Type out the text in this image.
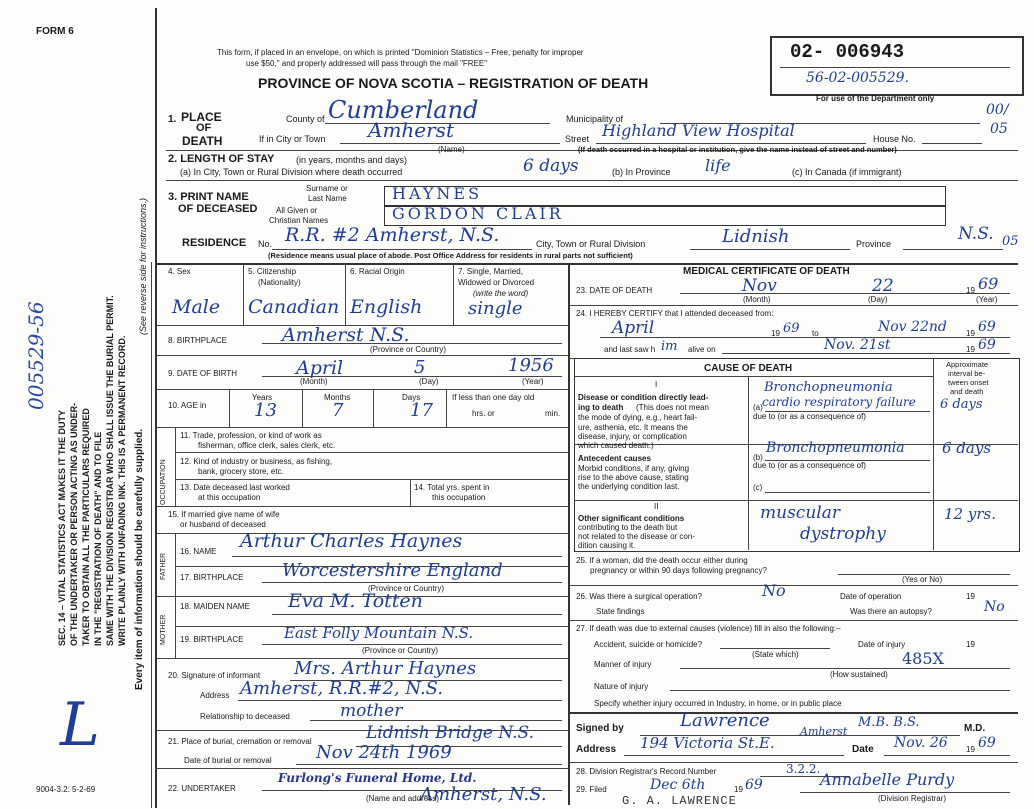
FORM 6
005529-56
SEC. 14 – VITAL STATISTICS ACT MAKES IT THE DUTY OF THE UNDERTAKER OR PERSON ACTING AS UNDER- TAKER TO OBTAIN ALL THE PARTICULARS REQUIRED IN THE "REGISTRATION OF DEATH" AND TO FILE SAME WITH THE DIVISION REGISTRAR WHO SHALL ISSUE THE BURIAL PERMIT. WRITE PLAINLY WITH UNFADING INK. THIS IS A PERMANENT RECORD. Every item of information should be carefully supplied.
(See reverse side for instructions.)
L
9004-3.2: 5-2-69
OCCUPATION
FATHER
MOTHER
This form, if placed in an envelope, on which is printed "Dominion Statistics – Free, penalty for improper
use $50," and properly addressed will pass through the mail "FREE"
PROVINCE OF NOVA SCOTIA – REGISTRATION OF DEATH
02- 006943
56-02-005529.
For use of the Department only
00/
05
05
1. PLACE
OF
DEATH
County of Cumberland	Municipality of
If in City or Town Amherst
(Name)
Street Highland View Hospital	House No.
(If death occurred in a hospital or institution, give the name instead of street and number)
2. LENGTH OF STAY (in years, months and days)
(a) In City, Town or Rural Division where death occurred	6 days	(b) In Province life	(c) In Canada (if immigrant)
3. PRINT NAME
OF DECEASED
Surname or
Last Name	HAYNES
All Given or
Christian Names	GORDON CLAIR
RESIDENCE No. R.R. #2 Amherst, N.S.	City, Town or Rural Division	Lidnish	Province	N.S.
(Residence means usual place of abode. Post Office Address for residents in rural parts not sufficient)
4. Sex
Male
5. Citizenship
(Nationality)
Canadian
6. Racial Origin
English
7. Single, Married,
Widowed or Divorced
(write the word)
single
8. BIRTHPLACE	Amherst N.S.
(Province or Country)
9. DATE OF BIRTH	April	5	1956
(Month)	(Day)	(Year)
10. AGE in
Years	Months	Days
13	7	17
If less than one day old
hrs. or	min.
11. Trade, profession, or kind of work as
fisherman, office clerk, sales clerk, etc.
12. Kind of industry or business, as fishing,
bank, grocery store, etc.
13. Date deceased last worked
at this occupation
14. Total yrs. spent in
this occupation
15. If married give name of wife
or husband of deceased
16. NAME Arthur Charles Haynes
17. BIRTHPLACE Worcestershire England
(Province or Country)
18. MAIDEN NAME Eva M. Totten
19. BIRTHPLACE	East Folly Mountain N.S.
(Province or Country)
20. Signature of informant Mrs. Arthur Haynes
Address Amherst, R.R.#2, N.S.
Relationship to deceased	mother
21. Place of burial, cremation or removal	Lidnish Bridge N.S.
Date of burial or removal Nov 24th 1969
22. UNDERTAKER
Furlong's Funeral Home, Ltd.
Amherst, N.S.
(Name and address)
MEDICAL CERTIFICATE OF DEATH
23. DATE OF DEATH	Nov	22	19 69
(Month)	(Day)	(Year)
24. I HEREBY CERTIFY that I attended deceased from:
April	19 69 to	Nov 22nd 19 69
and last saw h im alive on	Nov. 21st	19 69
CAUSE OF DEATH	Approximate
interval be-
tween onset
and death
I
Disease or condition directly lead-
ing to death (This does not mean
the mode of dying, e.g., heart fail-
ure, asthenia, etc. It means the
disease, injury, or complication
which caused death.)
(a)
Bronchopneumonia
cardio respiratory failure 6 days
due to (or as a consequence of)
Antecedent causes
Morbid conditions, if any, giving
rise to the above cause, stating
the underlying condition last.
(b)
Bronchopneumonia 6 days
due to (or as a consequence of)
(c)
II
Other significant conditions
contributing to the death but
not related to the disease or con-
dition causing it.
muscular
dystrophy
12 yrs.
25. If a woman, did the death occur either during
pregnancy or within 90 days following pregnancy?
(Yes or No)
26. Was there a surgical operation?	No	Date of operation	19
State findings	Was there an autopsy?	No
27. If death was due to external causes (violence) fill in also the following:–
Accident, suicide or homicide?
(State which)
Date of injury	19
Manner of injury	485X
(How sustained)
Nature of injury
Specify whether injury occurred in Industry, in home, or in public place
Signed by	Lawrence	M.B. B.S.	M.D.
Address 194 Victoria St.E.
Amherst
Date Nov. 26 19 69
28. Division Registrar's Record Number	3.2.2.
29. Filed	Dec 6th	19 69	Annabelle Purdy
(Division Registrar)
G. A. LAWRENCE
